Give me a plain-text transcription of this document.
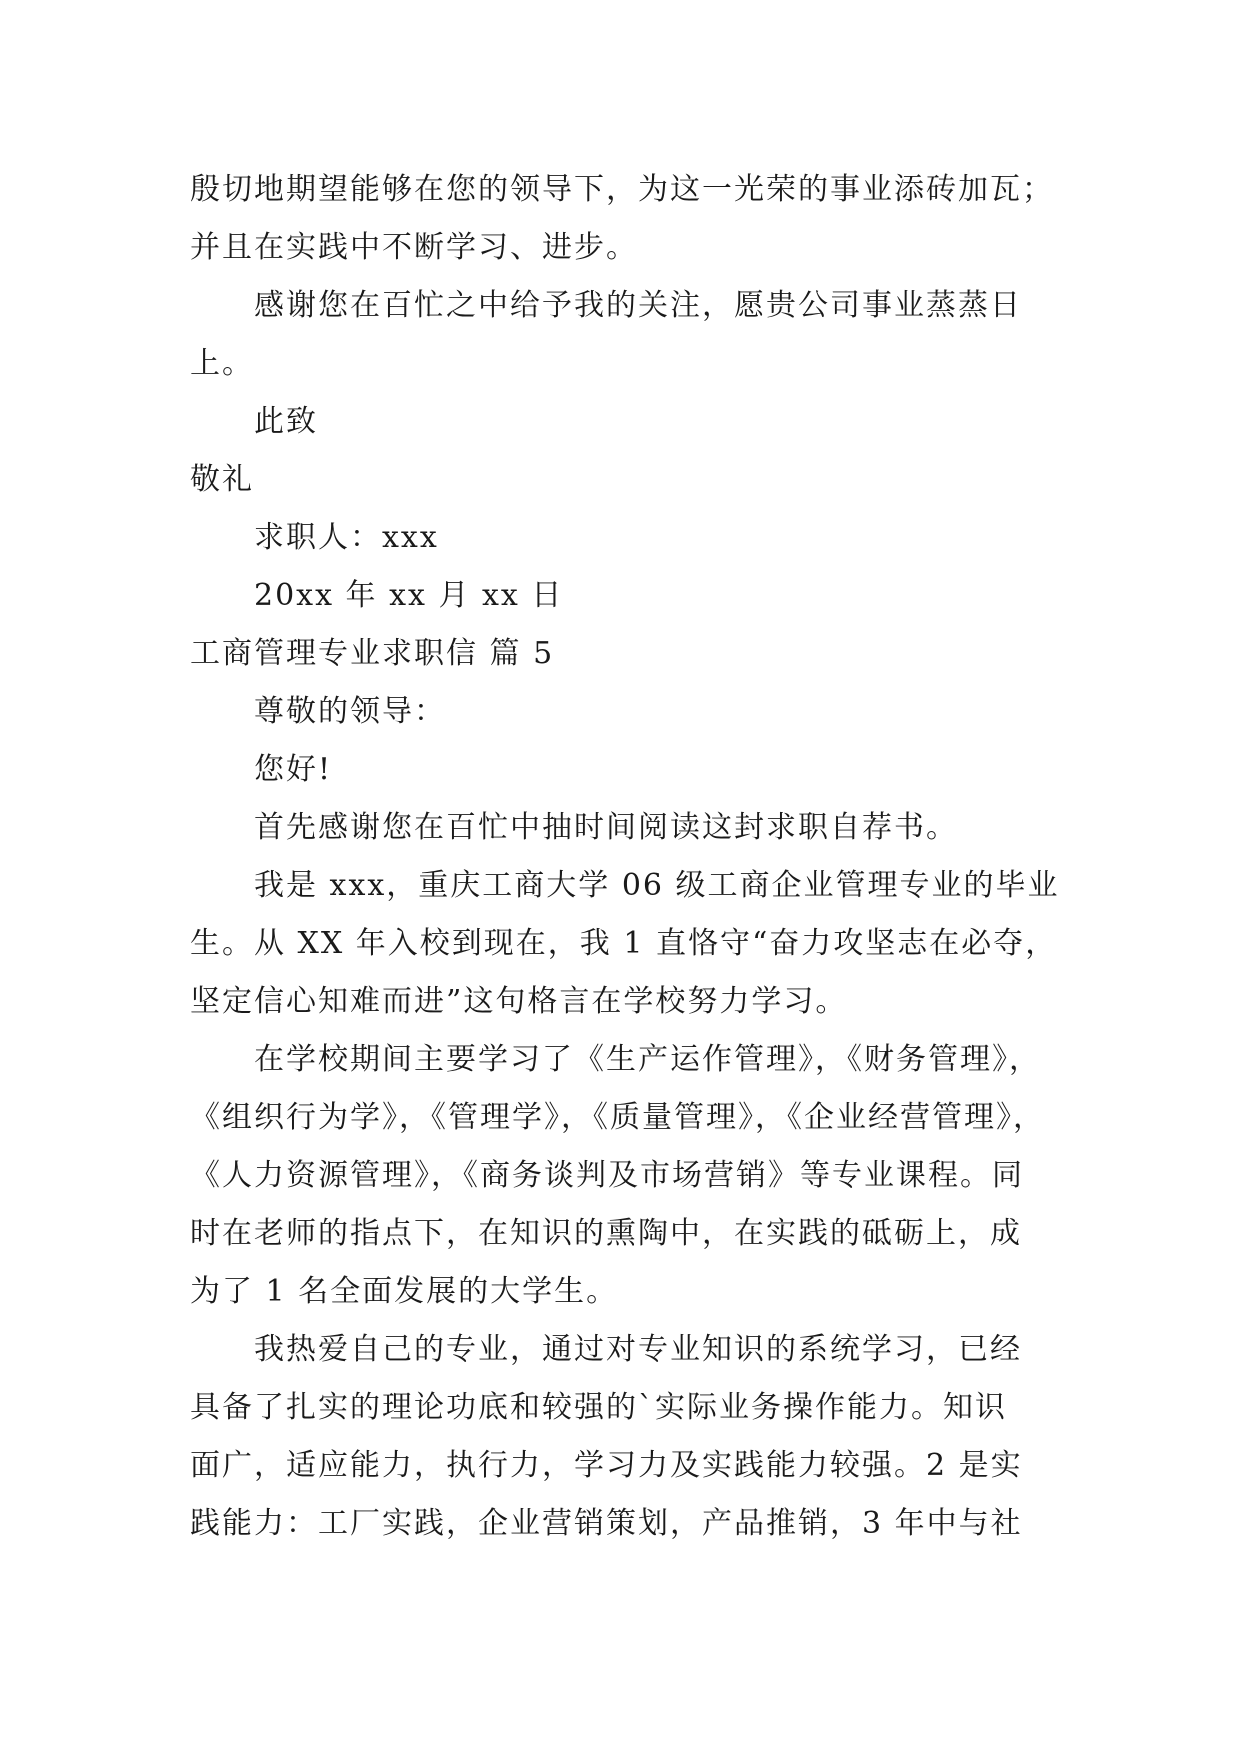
殷切地期望能够在您的领导下，为这一光荣的事业添砖加瓦；
并且在实践中不断学习、进步。
感谢您在百忙之中给予我的关注，愿贵公司事业蒸蒸日
上。
此致
敬礼
求职人：xxx
20xx 年 xx 月 xx 日
工商管理专业求职信 篇 5
尊敬的领导：
您好!
首先感谢您在百忙中抽时间阅读这封求职自荐书。
我是 xxx，重庆工商大学 06 级工商企业管理专业的毕业
生。从 XX 年入校到现在，我 1 直恪守“奋力攻坚志在必夺，
坚定信心知难而进”这句格言在学校努力学习。
在学校期间主要学习了《生产运作管理》，《财务管理》，
《组织行为学》，《管理学》，《质量管理》，《企业经营管理》，
《人力资源管理》，《商务谈判及市场营销》等专业课程。同
时在老师的指点下，在知识的熏陶中，在实践的砥砺上，成
为了 1 名全面发展的大学生。
我热爱自己的专业，通过对专业知识的系统学习，已经
具备了扎实的理论功底和较强的`实际业务操作能力。知识
面广，适应能力，执行力，学习力及实践能力较强。2 是实
践能力：工厂实践，企业营销策划，产品推销，3 年中与社
